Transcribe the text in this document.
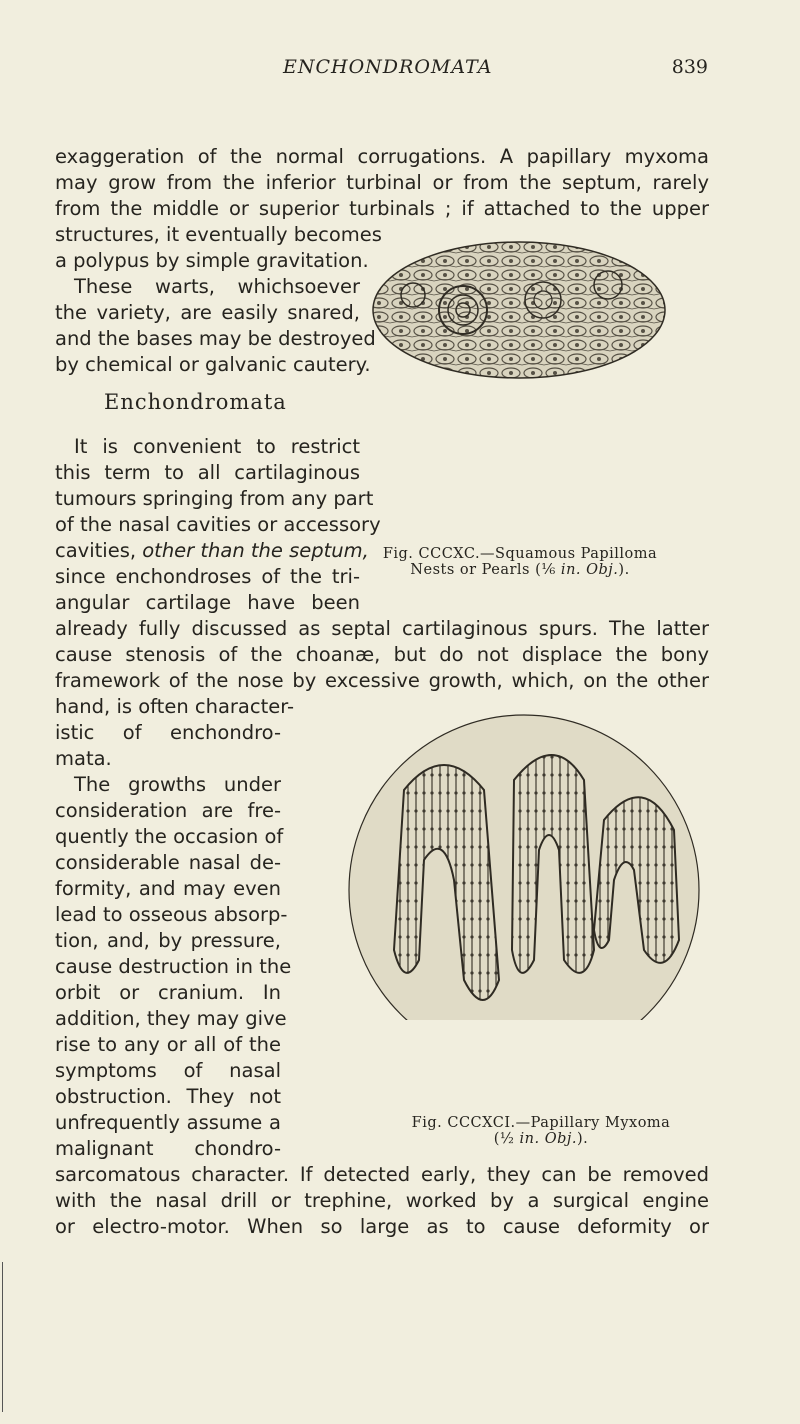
ENCHONDROMATA	839
exaggeration of the normal corrugations. A papillary myxoma
may grow from the inferior turbinal or from the septum, rarely
from the middle or superior turbinals ; if attached to the upper
structures, it eventually becomes
a polypus by simple gravitation.
These warts, whichsoever
the variety, are easily snared,
and the bases may be destroyed
by chemical or galvanic cautery.
Enchondromata
It is convenient to restrict
this term to all cartilaginous
tumours springing from any part
of the nasal cavities or accessory
cavities, other than the septum,
since enchondroses of the tri-
angular cartilage have been
already fully discussed as septal cartilaginous spurs. The latter
cause stenosis of the choanæ, but do not displace the bony
framework of the nose by excessive growth, which, on the other
hand, is often character-
istic of enchondro-
mata.
The growths under
consideration are fre-
quently the occasion of
considerable nasal de-
formity, and may even
lead to osseous absorp-
tion, and, by pressure,
cause destruction in the
orbit or cranium. In
addition, they may give
rise to any or all of the
symptoms of nasal
obstruction. They not
unfrequently assume a
malignant chondro-
sarcomatous character. If detected early, they can be removed
with the nasal drill or trephine, worked by a surgical engine
or electro-motor. When so large as to cause deformity or
Fig. CCCXC.—Squamous Papilloma
Nests or Pearls (⅙ in. Obj.).
Fig. CCCXCI.—Papillary Myxoma
(½ in. Obj.).
